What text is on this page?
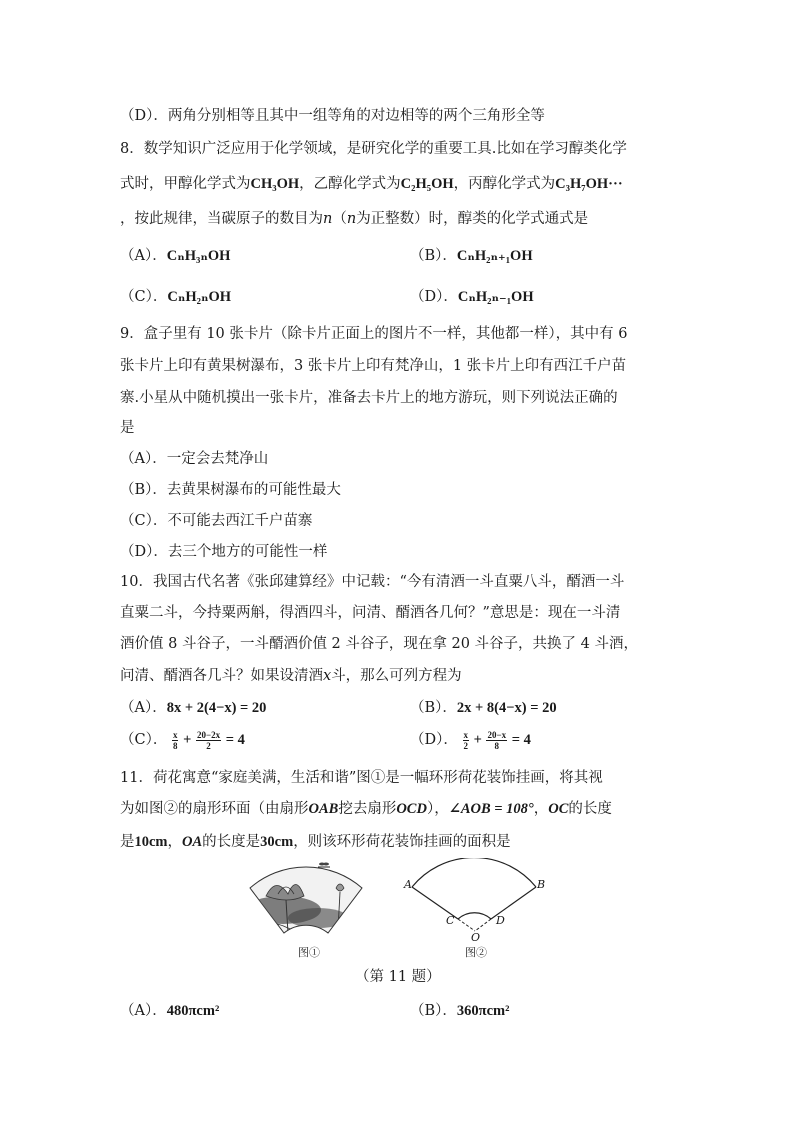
（D）．两角分别相等且其中一组等角的对边相等的两个三角形全等
8．数学知识广泛应用于化学领域，是研究化学的重要工具.比如在学习醇类化学
式时，甲醇化学式为CH₃OH，乙醇化学式为C₂H₅OH，丙醇化学式为C₃H₇OH···
，按此规律，当碳原子的数目为n（n为正整数）时，醇类的化学式通式是
（A）．CₙH₃ₙOH	（B）．CₙH₂ₙ₊₁OH
（C）．CₙH₂ₙOH	（D）．CₙH₂ₙ₋₁OH
9．盒子里有 10 张卡片（除卡片正面上的图片不一样，其他都一样），其中有 6
张卡片上印有黄果树瀑布，3 张卡片上印有梵净山，1 张卡片上印有西江千户苗
寨.小星从中随机摸出一张卡片，准备去卡片上的地方游玩，则下列说法正确的
是
（A）．一定会去梵净山
（B）．去黄果树瀑布的可能性最大
（C）．不可能去西江千户苗寨
（D）．去三个地方的可能性一样
10．我国古代名著《张邱建算经》中记载：“今有清酒一斗直粟八斗，醑酒一斗
直粟二斗，今持粟两斛，得酒四斗，问清、醑酒各几何？”意思是：现在一斗清
酒价值 8 斗谷子，一斗醑酒价值 2 斗谷子，现在拿 20 斗谷子，共换了 4 斗酒，
问清、醑酒各几斗？如果设清酒x斗，那么可列方程为
（A）．8x + 2(4−x) = 20	（B）．2x + 8(4−x) = 20
（C）． $\frac{x}{8} + \frac{20-2x}{2} = 4$	（D）． $\frac{x}{2} + \frac{20-x}{8} = 4$
11．荷花寓意“家庭美满，生活和谐”图①是一幅环形荷花装饰挂画，将其视
为如图②的扇形环面（由扇形OAB挖去扇形OCD），∠AOB = 108°，OC的长度
是10cm，OA的长度是30cm，则该环形荷花装饰挂画的面积是
A	B
C	D
O
图①	图②
（第 11 题）
（A）．480πcm²	（B）．360πcm²
